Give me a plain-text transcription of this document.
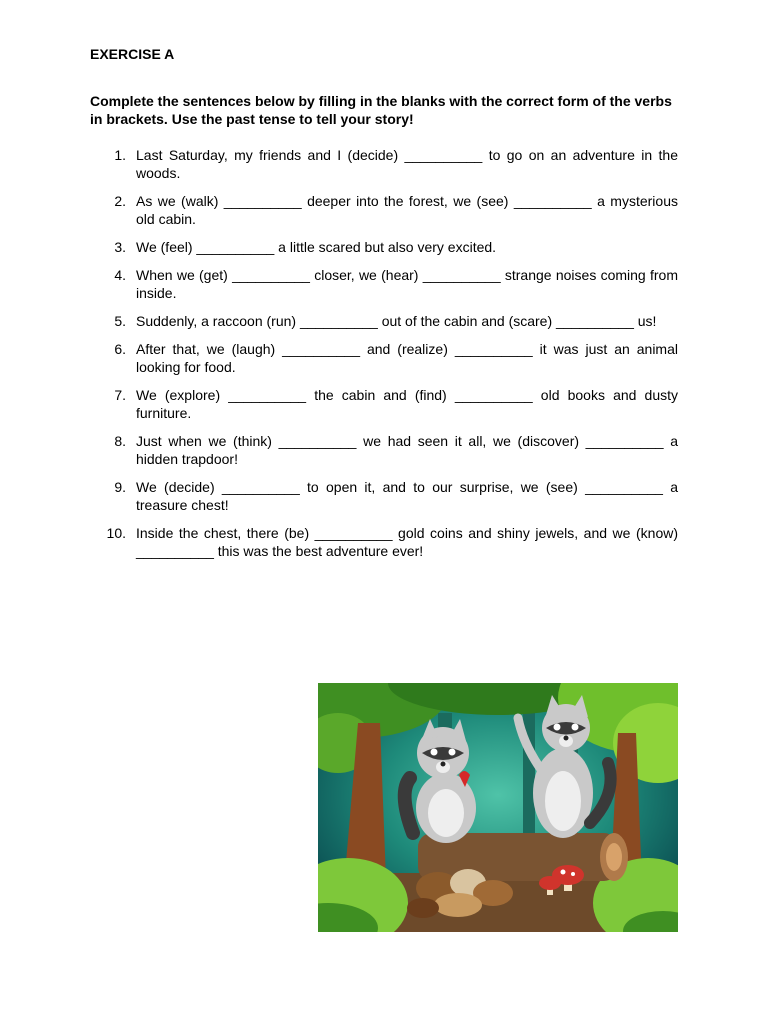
EXERCISE A

Complete the sentences below by filling in the blanks with the correct form of the verbs in brackets. Use the past tense to tell your story!

1. Last Saturday, my friends and I (decide) __________ to go on an adventure in the woods.
2. As we (walk) __________ deeper into the forest, we (see) __________ a mysterious old cabin.
3. We (feel) __________ a little scared but also very excited.
4. When we (get) __________ closer, we (hear) __________ strange noises coming from inside.
5. Suddenly, a raccoon (run) __________ out of the cabin and (scare) __________ us!
6. After that, we (laugh) __________ and (realize) __________ it was just an animal looking for food.
7. We (explore) __________ the cabin and (find) __________ old books and dusty furniture.
8. Just when we (think) __________ we had seen it all, we (discover) __________ a hidden trapdoor!
9. We (decide) __________ to open it, and to our surprise, we (see) __________ a treasure chest!
10. Inside the chest, there (be) __________ gold coins and shiny jewels, and we (know) __________ this was the best adventure ever!
